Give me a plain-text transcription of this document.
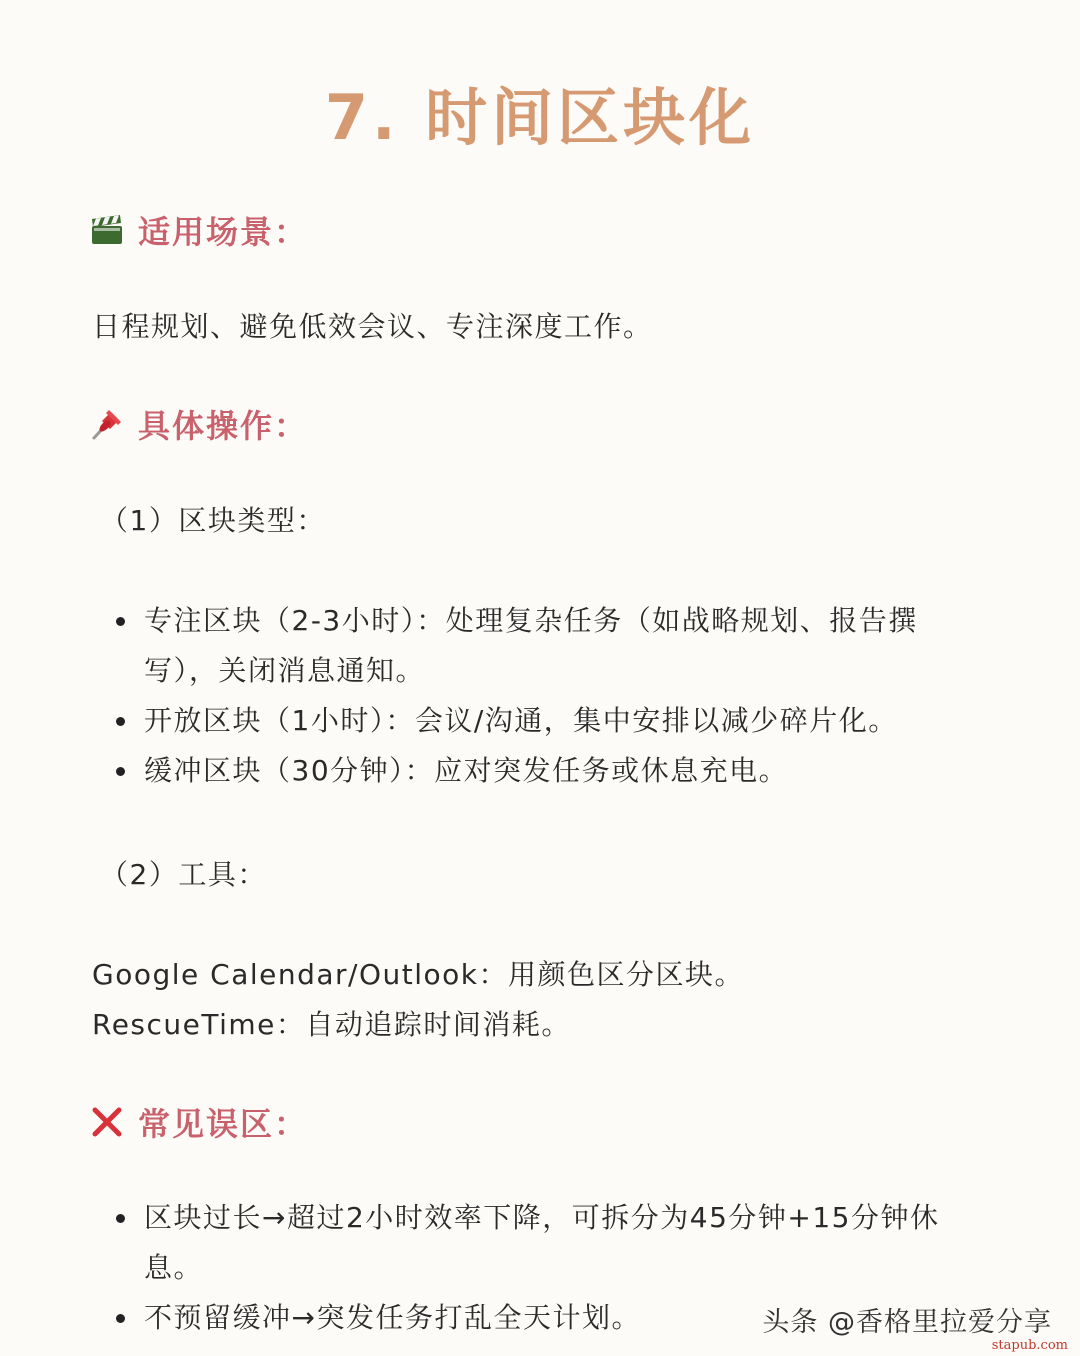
7. 时间区块化
适用场景：
日程规划、避免低效会议、专注深度工作。
具体操作：
（1）区块类型：
专注区块（2-3小时）：处理复杂任务（如战略规划、报告撰写），关闭消息通知。
开放区块（1小时）：会议/沟通，集中安排以减少碎片化。
缓冲区块（30分钟）：应对突发任务或休息充电。
（2）工具：
Google Calendar/Outlook：用颜色区分区块。
RescueTime：自动追踪时间消耗。
常见误区：
区块过长→超过2小时效率下降，可拆分为45分钟+15分钟休息。
不预留缓冲→突发任务打乱全天计划。	头条 @香格里拉爱分享
stapub.com
